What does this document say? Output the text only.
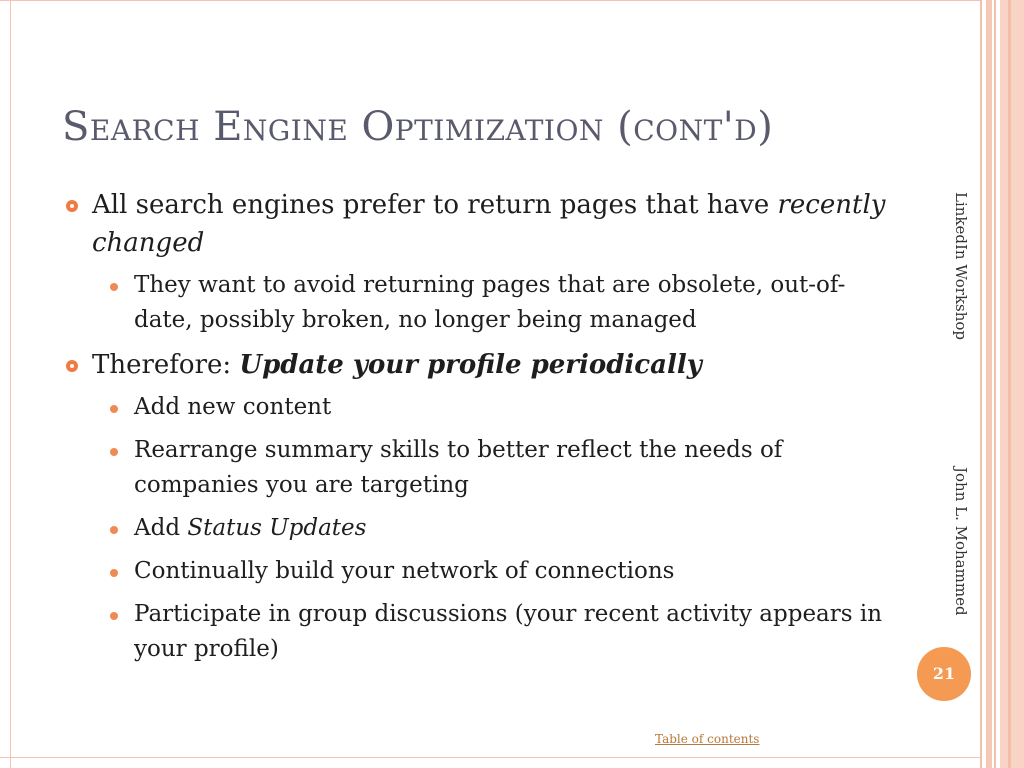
Search Engine Optimization (cont'd)
All search engines prefer to return pages that have recently changed
They want to avoid returning pages that are obsolete, out-of-date, possibly broken, no longer being managed
Therefore: Update your profile periodically
Add new content
Rearrange summary skills to better reflect the needs of companies you are targeting
Add Status Updates
Continually build your network of connections
Participate in group discussions (your recent activity appears in your profile)
LinkedIn Workshop
John L. Mohammed
21
Table of contents
